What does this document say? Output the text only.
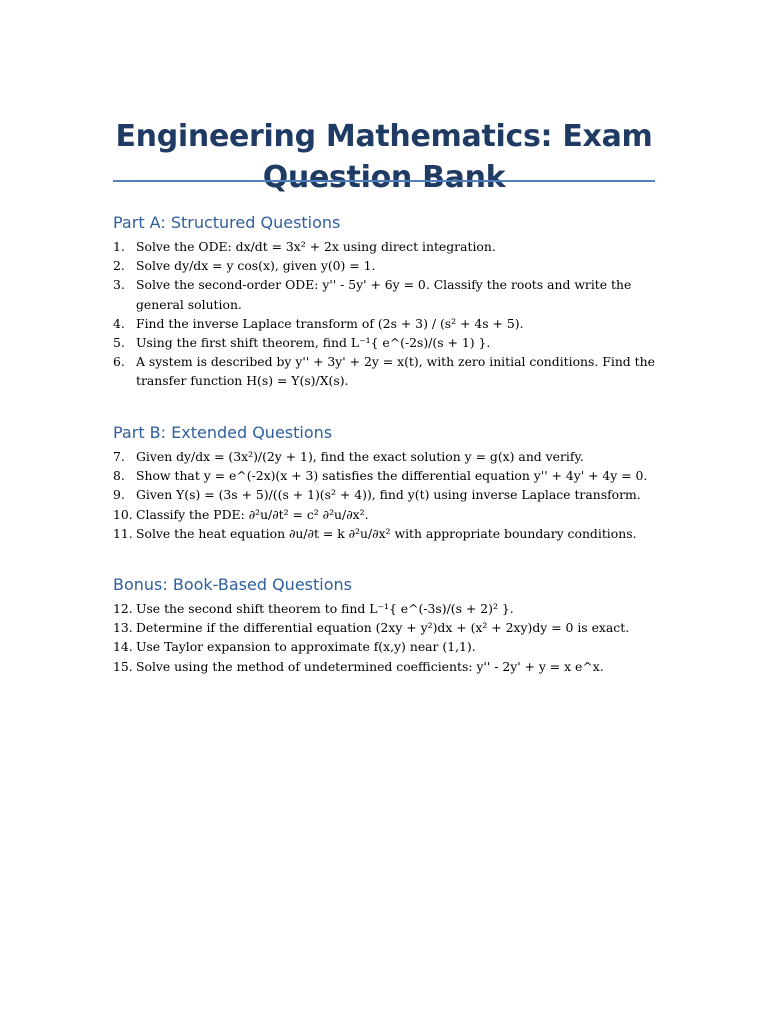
Engineering Mathematics: Exam Question Bank
Part A: Structured Questions
1. Solve the ODE: dx/dt = 3x² + 2x using direct integration.
2. Solve dy/dx = y cos(x), given y(0) = 1.
3. Solve the second-order ODE: y'' - 5y' + 6y = 0. Classify the roots and write the general solution.
4. Find the inverse Laplace transform of (2s + 3) / (s² + 4s + 5).
5. Using the first shift theorem, find L⁻¹{ e^(-2s)/(s + 1) }.
6. A system is described by y'' + 3y' + 2y = x(t), with zero initial conditions. Find the transfer function H(s) = Y(s)/X(s).
Part B: Extended Questions
7. Given dy/dx = (3x²)/(2y + 1), find the exact solution y = g(x) and verify.
8. Show that y = e^(-2x)(x + 3) satisfies the differential equation y'' + 4y' + 4y = 0.
9. Given Y(s) = (3s + 5)/((s + 1)(s² + 4)), find y(t) using inverse Laplace transform.
10. Classify the PDE: ∂²u/∂t² = c² ∂²u/∂x².
11. Solve the heat equation ∂u/∂t = k ∂²u/∂x² with appropriate boundary conditions.
Bonus: Book-Based Questions
12. Use the second shift theorem to find L⁻¹{ e^(-3s)/(s + 2)² }.
13. Determine if the differential equation (2xy + y²)dx + (x² + 2xy)dy = 0 is exact.
14. Use Taylor expansion to approximate f(x,y) near (1,1).
15. Solve using the method of undetermined coefficients: y'' - 2y' + y = x e^x.
